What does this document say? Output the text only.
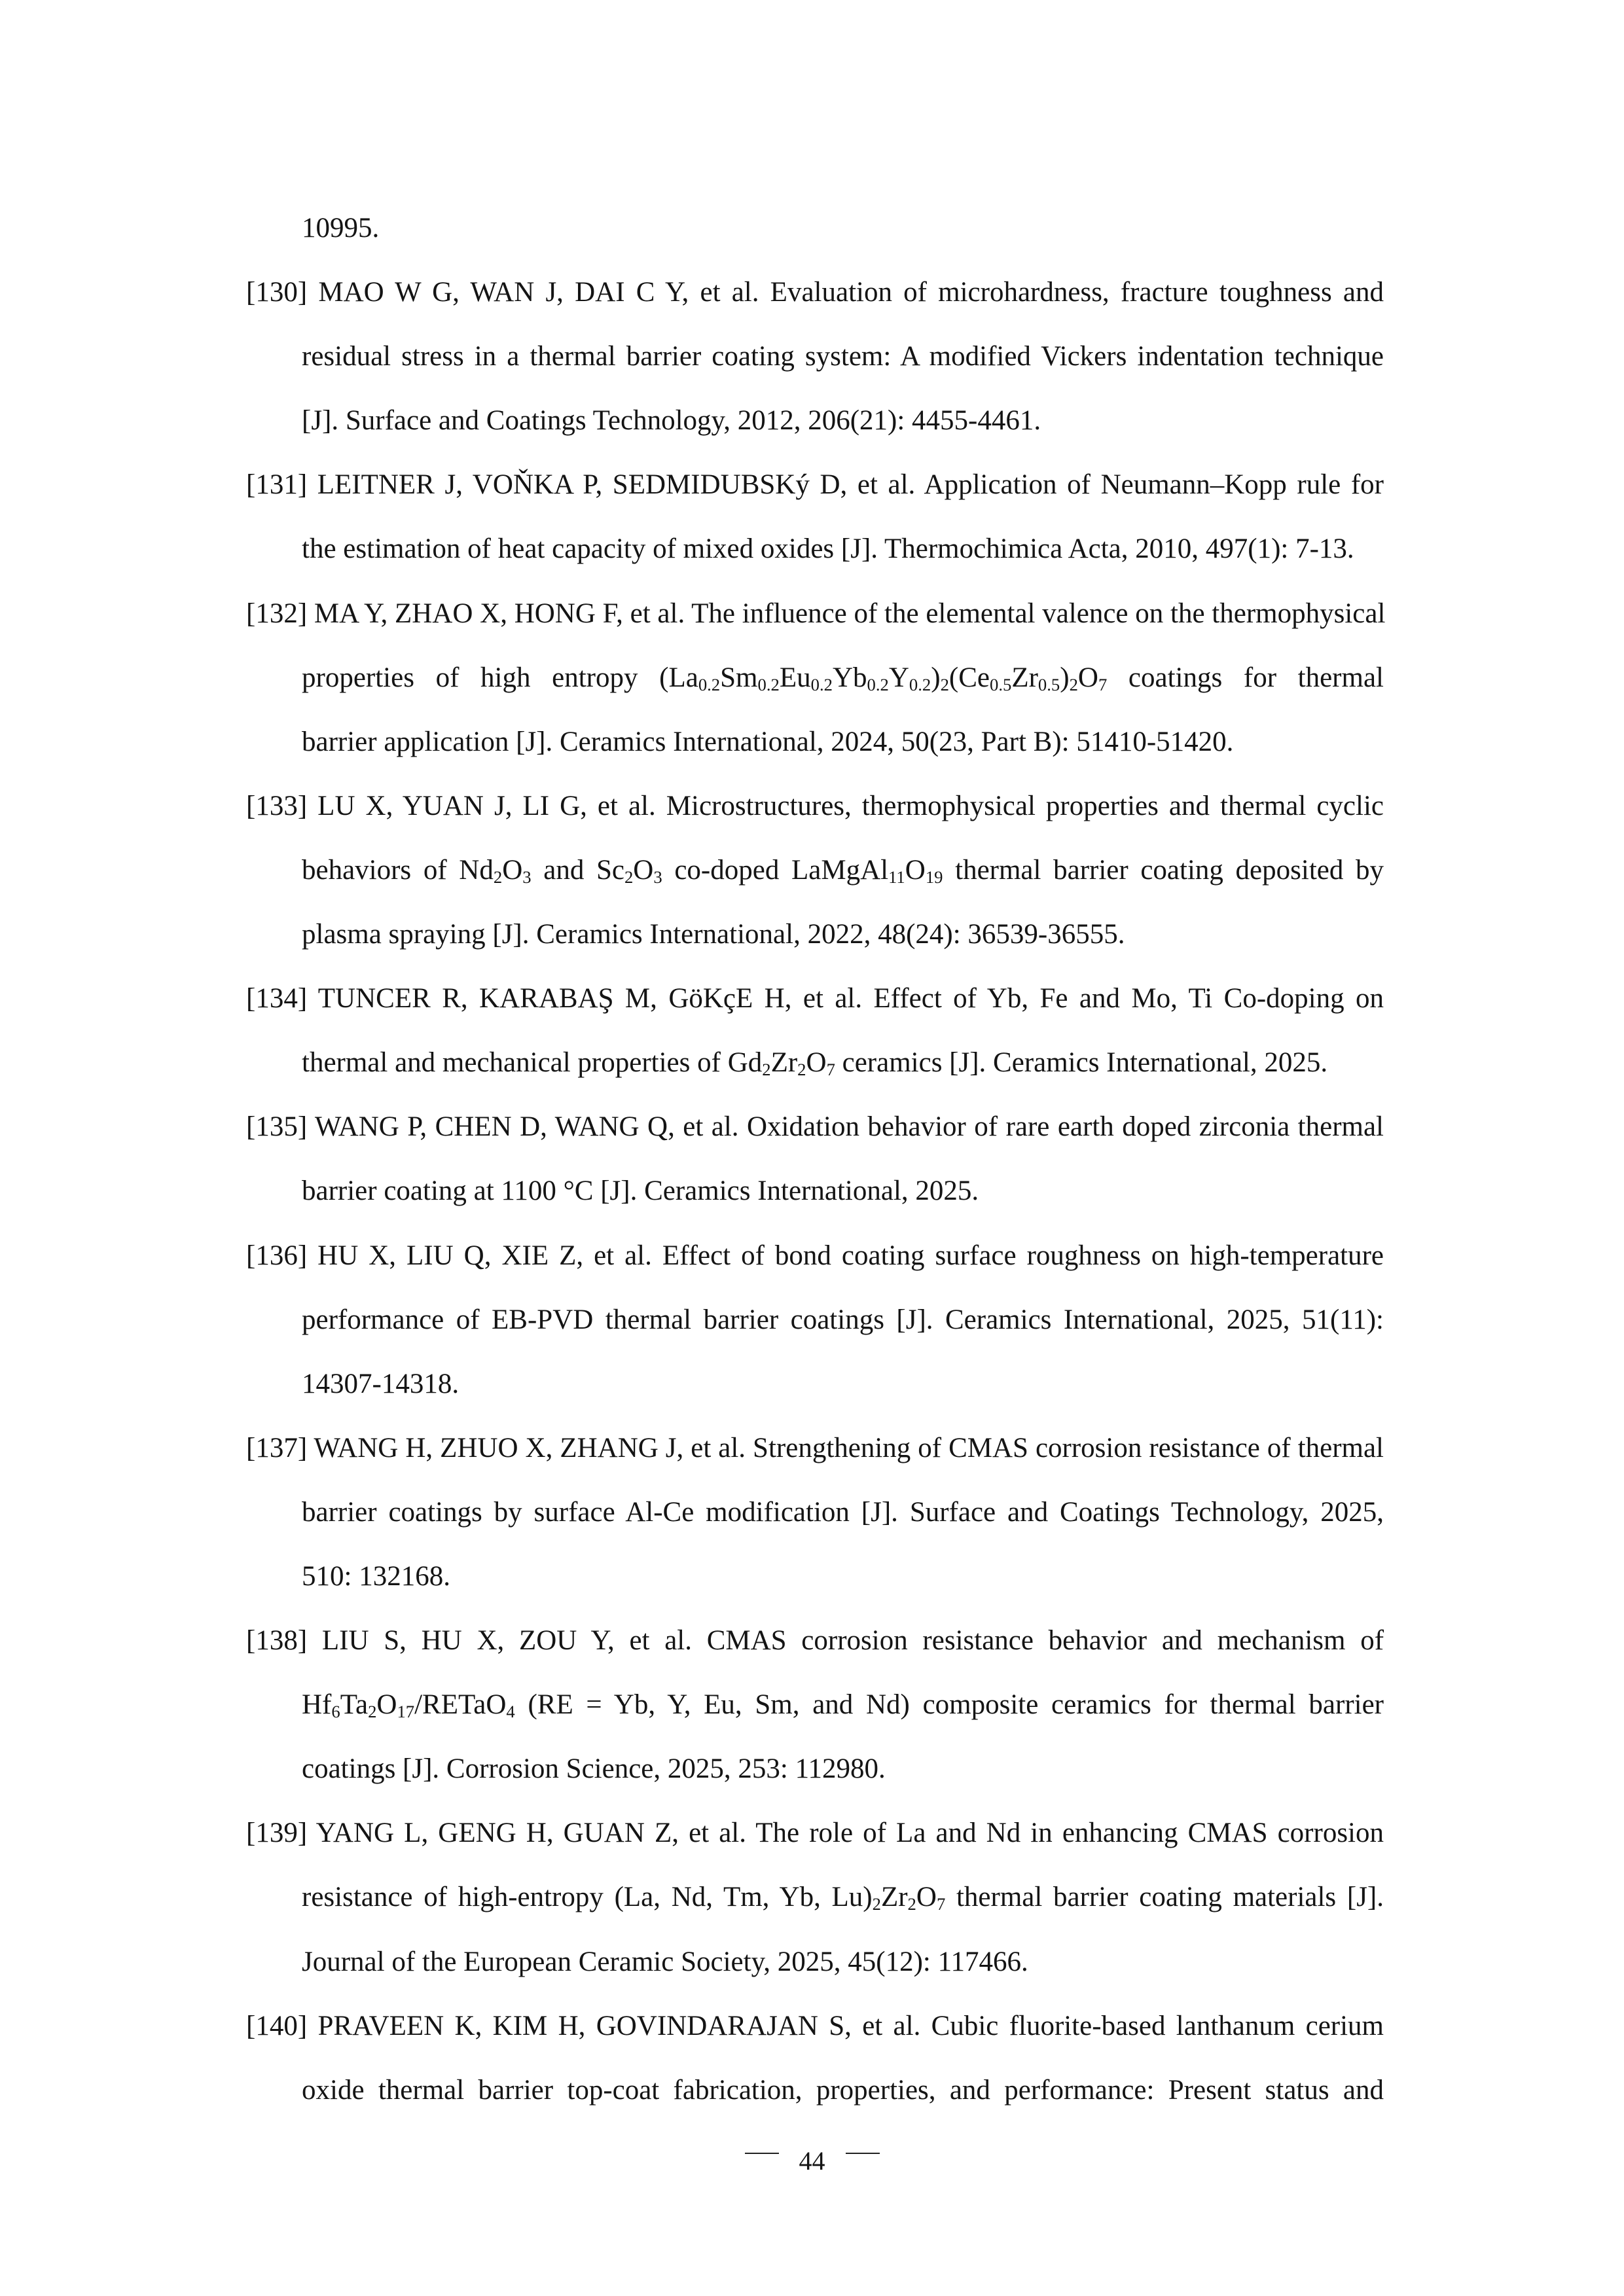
10995.
[130] MAO W G, WAN J, DAI C Y, et al. Evaluation of microhardness, fracture toughness and
residual stress in a thermal barrier coating system: A modified Vickers indentation technique
[J]. Surface and Coatings Technology, 2012, 206(21): 4455-4461.
[131] LEITNER J, VOŇKA P, SEDMIDUBSKý D, et al. Application of Neumann–Kopp rule for
the estimation of heat capacity of mixed oxides [J]. Thermochimica Acta, 2010, 497(1): 7-13.
[132] MA Y, ZHAO X, HONG F, et al. The influence of the elemental valence on the thermophysical
properties of high entropy $(La_{0.2}Sm_{0.2}Eu_{0.2}Yb_{0.2}Y_{0.2})_2(Ce_{0.5}Zr_{0.5})_2O_7$ coatings for thermal
barrier application [J]. Ceramics International, 2024, 50(23, Part B): 51410-51420.
[133] LU X, YUAN J, LI G, et al. Microstructures, thermophysical properties and thermal cyclic
behaviors of $Nd_2O_3$ and $Sc_2O_3$ co-doped $LaMgAl_{11}O_{19}$ thermal barrier coating deposited by
plasma spraying [J]. Ceramics International, 2022, 48(24): 36539-36555.
[134] TUNCER R, KARABAŞ M, GöKçE H, et al. Effect of Yb, Fe and Mo, Ti Co-doping on
thermal and mechanical properties of $Gd_2Zr_2O_7$ ceramics [J]. Ceramics International, 2025.
[135] WANG P, CHEN D, WANG Q, et al. Oxidation behavior of rare earth doped zirconia thermal
barrier coating at 1100 °C [J]. Ceramics International, 2025.
[136] HU X, LIU Q, XIE Z, et al. Effect of bond coating surface roughness on high-temperature
performance of EB-PVD thermal barrier coatings [J]. Ceramics International, 2025, 51(11):
14307-14318.
[137] WANG H, ZHUO X, ZHANG J, et al. Strengthening of CMAS corrosion resistance of thermal
barrier coatings by surface Al-Ce modification [J]. Surface and Coatings Technology, 2025,
510: 132168.
[138] LIU S, HU X, ZOU Y, et al. CMAS corrosion resistance behavior and mechanism of
$Hf_6Ta_2O_{17}/RETaO_4$ (RE = Yb, Y, Eu, Sm, and Nd) composite ceramics for thermal barrier
coatings [J]. Corrosion Science, 2025, 253: 112980.
[139] YANG L, GENG H, GUAN Z, et al. The role of La and Nd in enhancing CMAS corrosion
resistance of high-entropy (La, Nd, Tm, Yb, $Lu)_2Zr_2O_7$ thermal barrier coating materials [J].
Journal of the European Ceramic Society, 2025, 45(12): 117466.
[140] PRAVEEN K, KIM H, GOVINDARAJAN S, et al. Cubic fluorite-based lanthanum cerium
oxide thermal barrier top-coat fabrication, properties, and performance: Present status and
44
